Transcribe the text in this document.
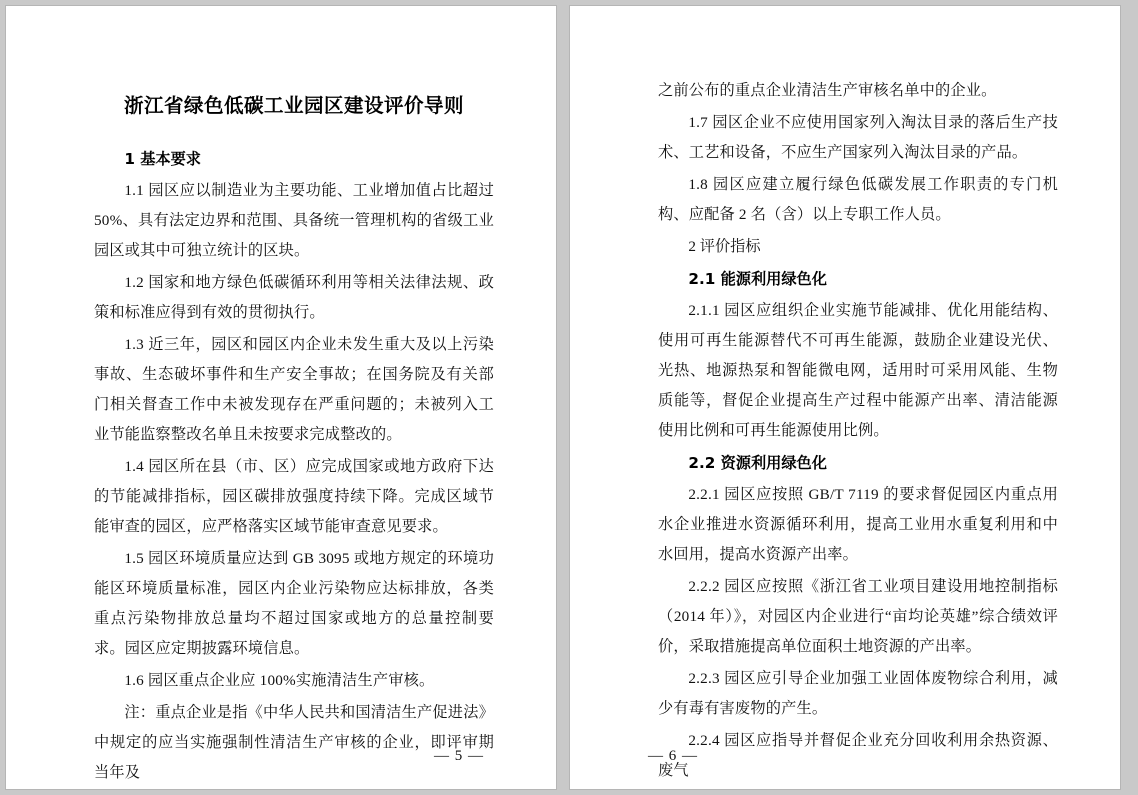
浙江省绿色低碳工业园区建设评价导则

1 基本要求

1.1 园区应以制造业为主要功能、工业增加值占比超过 50%、具有法定边界和范围、具备统一管理机构的省级工业园区或其中可独立统计的区块。

1.2 国家和地方绿色低碳循环利用等相关法律法规、政策和标准应得到有效的贯彻执行。

1.3 近三年，园区和园区内企业未发生重大及以上污染事故、生态破坏事件和生产安全事故；在国务院及有关部门相关督查工作中未被发现存在严重问题的；未被列入工业节能监察整改名单且未按要求完成整改的。

1.4 园区所在县（市、区）应完成国家或地方政府下达的节能减排指标，园区碳排放强度持续下降。完成区域节能审查的园区，应严格落实区域节能审查意见要求。

1.5 园区环境质量应达到 GB 3095 或地方规定的环境功能区环境质量标准，园区内企业污染物应达标排放，各类重点污染物排放总量均不超过国家或地方的总量控制要求。园区应定期披露环境信息。

1.6 园区重点企业应 100%实施清洁生产审核。

注：重点企业是指《中华人民共和国清洁生产促进法》中规定的应当实施强制性清洁生产审核的企业，即评审期当年及

— 5 —

之前公布的重点企业清洁生产审核名单中的企业。

1.7 园区企业不应使用国家列入淘汰目录的落后生产技术、工艺和设备，不应生产国家列入淘汰目录的产品。

1.8 园区应建立履行绿色低碳发展工作职责的专门机构、应配备 2 名（含）以上专职工作人员。

2 评价指标

2.1 能源利用绿色化

2.1.1 园区应组织企业实施节能减排、优化用能结构、使用可再生能源替代不可再生能源，鼓励企业建设光伏、光热、地源热泵和智能微电网，适用时可采用风能、生物质能等，督促企业提高生产过程中能源产出率、清洁能源使用比例和可再生能源使用比例。

2.2 资源利用绿色化

2.2.1 园区应按照 GB/T 7119 的要求督促园区内重点用水企业推进水资源循环利用，提高工业用水重复利用和中水回用，提高水资源产出率。

2.2.2 园区应按照《浙江省工业项目建设用地控制指标（2014 年）》，对园区内企业进行“亩均论英雄”综合绩效评价，采取措施提高单位面积土地资源的产出率。

2.2.3 园区应引导企业加强工业固体废物综合利用，减少有毒有害废物的产生。

2.2.4 园区应指导并督促企业充分回收利用余热资源、废气

— 6 —
